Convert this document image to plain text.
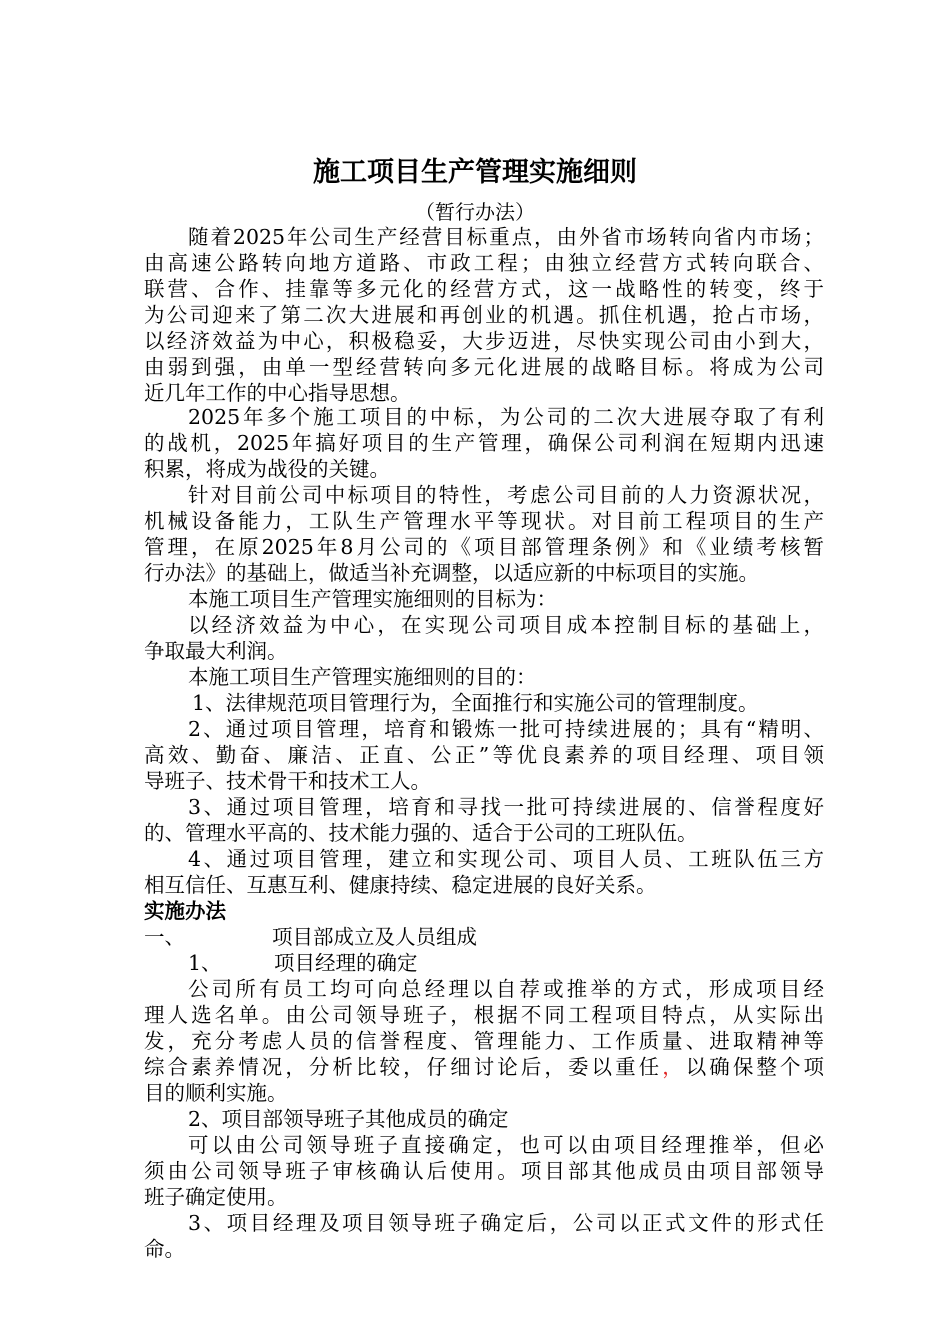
施工项目生产管理实施细则
（暂行办法）
随着2025年公司生产经营目标重点，由外省市场转向省内市场；
由高速公路转向地方道路、市政工程；由独立经营方式转向联合、
联营、合作、挂靠等多元化的经营方式，这一战略性的转变，终于
为公司迎来了第二次大进展和再创业的机遇。抓住机遇，抢占市场，
以经济效益为中心，积极稳妥，大步迈进，尽快实现公司由小到大，
由弱到强，由单一型经营转向多元化进展的战略目标。将成为公司
近几年工作的中心指导思想。
2025年多个施工项目的中标，为公司的二次大进展夺取了有利
的战机，2025年搞好项目的生产管理，确保公司利润在短期内迅速
积累，将成为战役的关键。
针对目前公司中标项目的特性，考虑公司目前的人力资源状况，
机械设备能力，工队生产管理水平等现状。对目前工程项目的生产
管理，在原2025年8月公司的《项目部管理条例》和《业绩考核暂
行办法》的基础上，做适当补充调整，以适应新的中标项目的实施。
本施工项目生产管理实施细则的目标为：
以经济效益为中心，在实现公司项目成本控制目标的基础上，
争取最大利润。
本施工项目生产管理实施细则的目的：
1、法律规范项目管理行为，全面推行和实施公司的管理制度。
2、通过项目管理，培育和锻炼一批可持续进展的；具有“精明、
高效、勤奋、廉洁、正直、公正”等优良素养的项目经理、项目领
导班子、技术骨干和技术工人。
3、通过项目管理，培育和寻找一批可持续进展的、信誉程度好
的、管理水平高的、技术能力强的、适合于公司的工班队伍。
4、通过项目管理，建立和实现公司、项目人员、工班队伍三方
相互信任、互惠互利、健康持续、稳定进展的良好关系。
实施办法
一、	项目部成立及人员组成
1、	项目经理的确定
公司所有员工均可向总经理以自荐或推举的方式，形成项目经
理人选名单。由公司领导班子，根据不同工程项目特点，从实际出
发，充分考虑人员的信誉程度、管理能力、工作质量、进取精神等
综合素养情况，分析比较，仔细讨论后，委以重任，以确保整个项
目的顺利实施。
2、项目部领导班子其他成员的确定
可以由公司领导班子直接确定，也可以由项目经理推举，但必
须由公司领导班子审核确认后使用。项目部其他成员由项目部领导
班子确定使用。
3、项目经理及项目领导班子确定后，公司以正式文件的形式任
命。
